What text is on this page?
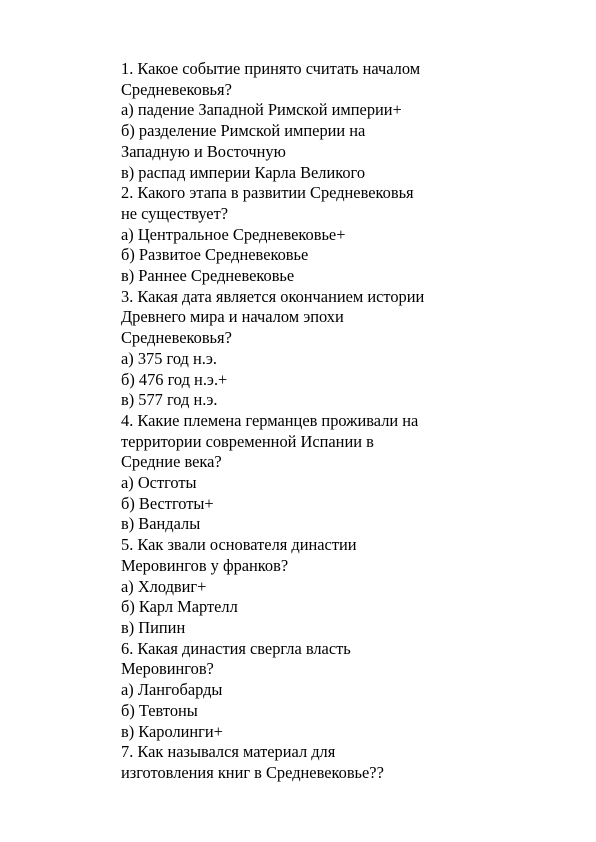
1. Какое событие принято считать началом
Средневековья?
а) падение Западной Римской империи+
б) разделение Римской империи на
Западную и Восточную
в) распад империи Карла Великого
2. Какого этапа в развитии Средневековья
не существует?
а) Центральное Средневековье+
б) Развитое Средневековье
в) Раннее Средневековье
3. Какая дата является окончанием истории
Древнего мира и началом эпохи
Средневековья?
а) 375 год н.э.
б) 476 год н.э.+
в) 577 год н.э.
4. Какие племена германцев проживали на
территории современной Испании в
Средние века?
а) Остготы
б) Вестготы+
в) Вандалы
5. Как звали основателя династии
Меровингов у франков?
а) Хлодвиг+
б) Карл Мартелл
в) Пипин
6. Какая династия свергла власть
Меровингов?
а) Лангобарды
б) Тевтоны
в) Каролинги+
7. Как назывался материал для
изготовления книг в Средневековье??
